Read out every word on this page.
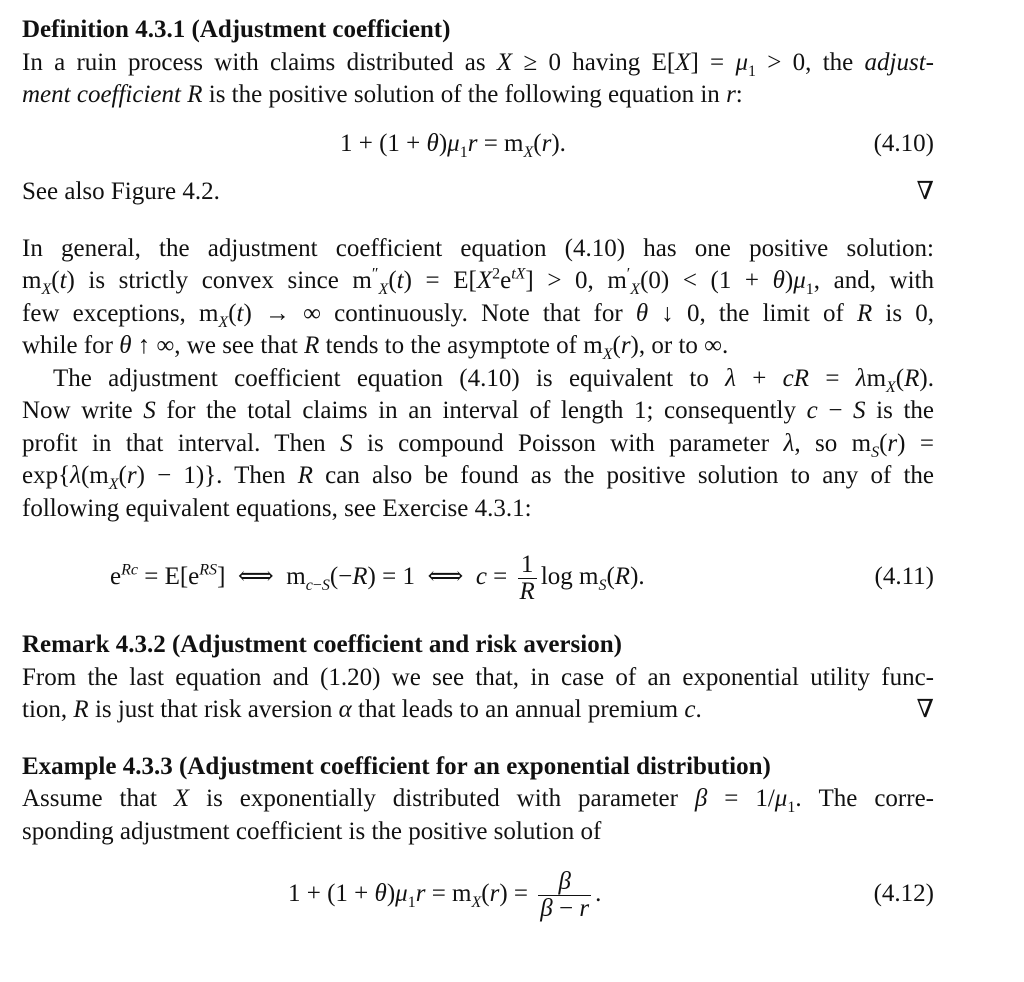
Definition 4.3.1 (Adjustment coefficient)
In a ruin process with claims distributed as X ≥ 0 having $E[X] = \mu_1 > 0$, the adjust-
ment coefficient R is the positive solution of the following equation in r:
$1 + (1 + \theta)\mu_1r = m_X(r)$.	(4.10)
See also Figure 4.2.	∇
In general, the adjustment coefficient equation (4.10) has one positive solution:
$m_X(t)$ is strictly convex since $m''_X(t) = E[X^2e^{tX}] > 0$, $m'_X(0) < (1 + \theta)\mu_1$, and, with
few exceptions, $m_X(t)$ → ∞ continuously. Note that for θ ↓ 0, the limit of R is 0,
while for θ ↑ ∞, we see that R tends to the asymptote of $m_X(r)$, or to ∞.
The adjustment coefficient equation (4.10) is equivalent to λ + cR = $\lambda m_X(R)$.
Now write S for the total claims in an interval of length 1; consequently c − S is the
profit in that interval. Then S is compound Poisson with parameter λ, so $m_S(r)$ =
$\exp\{\lambda(m_X(r) - 1)\}$. Then R can also be found as the positive solution to any of the
following equivalent equations, see Exercise 4.3.1:
$e^{Rc} = E[e^{RS}]$  ⟺  $m_{c-S}(-R) = 1$  ⟺  $c = \frac{1}{R}$ $\log m_S(R)$.	(4.11)
Remark 4.3.2 (Adjustment coefficient and risk aversion)
From the last equation and (1.20) we see that, in case of an exponential utility func-
tion, R is just that risk aversion α that leads to an annual premium c.	∇
Example 4.3.3 (Adjustment coefficient for an exponential distribution)
Assume that X is exponentially distributed with parameter $\beta = 1/\mu_1$. The corre-
sponding adjustment coefficient is the positive solution of
$1 + (1 + \theta)\mu_1r = m_X(r) = \frac{\beta}{\beta - r}$ .	(4.12)
